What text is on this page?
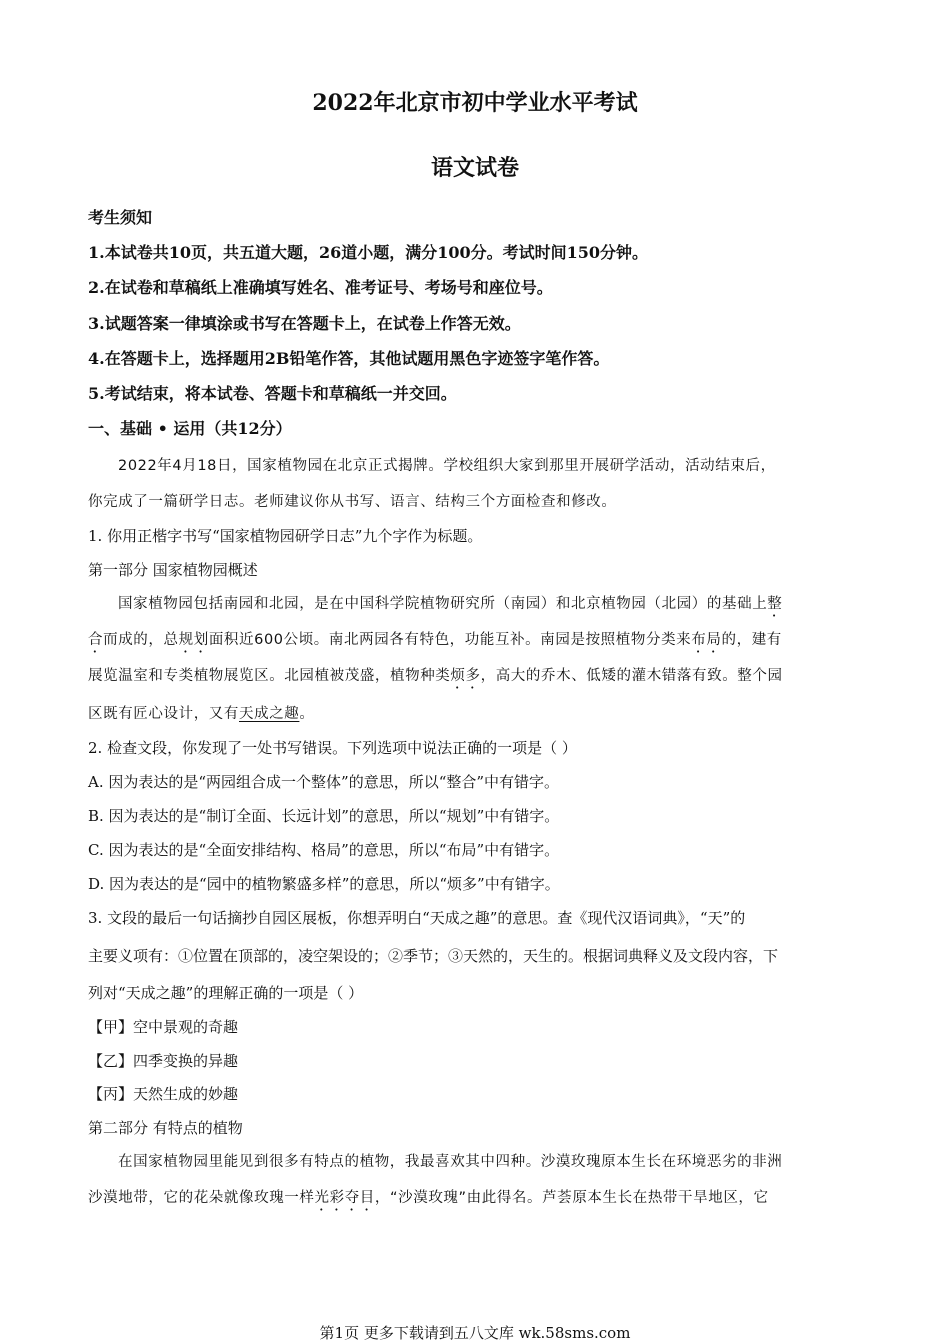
2022年北京市初中学业水平考试
语文试卷
考生须知
1.本试卷共10页，共五道大题，26道小题，满分100分。考试时间150分钟。
2.在试卷和草稿纸上准确填写姓名、准考证号、考场号和座位号。
3.试题答案一律填涂或书写在答题卡上，在试卷上作答无效。
4.在答题卡上，选择题用2B铅笔作答，其他试题用黑色字迹签字笔作答。
5.考试结束，将本试卷、答题卡和草稿纸一并交回。
一、基础 • 运用（共12分）
2022年4月18日，国家植物园在北京正式揭牌。学校组织大家到那里开展研学活动，活动结束后，
你完成了一篇研学日志。老师建议你从书写、语言、结构三个方面检查和修改。
1. 你用正楷字书写“国家植物园研学日志”九个字作为标题。
第一部分 国家植物园概述
国家植物园包括南园和北园，是在中国科学院植物研究所（南园）和北京植物园（北园）的基础上整
合而成的，总规划面积近600公顷。南北两园各有特色，功能互补。南园是按照植物分类来布局的，建有
展览温室和专类植物展览区。北园植被茂盛，植物种类烦多，高大的乔木、低矮的灌木错落有致。整个园
区既有匠心设计，又有天成之趣。
2. 检查文段，你发现了一处书写错误。下列选项中说法正确的一项是（ ）
A. 因为表达的是“两园组合成一个整体”的意思，所以“整合”中有错字。
B. 因为表达的是“制订全面、长远计划”的意思，所以“规划”中有错字。
C. 因为表达的是“全面安排结构、格局”的意思，所以“布局”中有错字。
D. 因为表达的是“园中的植物繁盛多样”的意思，所以“烦多”中有错字。
3. 文段的最后一句话摘抄自园区展板，你想弄明白“天成之趣”的意思。查《现代汉语词典》，“天”的
主要义项有：①位置在顶部的，凌空架设的；②季节；③天然的，天生的。根据词典释义及文段内容，下
列对“天成之趣”的理解正确的一项是（ ）
【甲】空中景观的奇趣
【乙】四季变换的异趣
【丙】天然生成的妙趣
第二部分 有特点的植物
在国家植物园里能见到很多有特点的植物，我最喜欢其中四种。沙漠玫瑰原本生长在环境恶劣的非洲
沙漠地带，它的花朵就像玫瑰一样光彩夺目，“沙漠玫瑰”由此得名。芦荟原本生长在热带干旱地区，它
第1页 更多下载请到五八文库 wk.58sms.com
